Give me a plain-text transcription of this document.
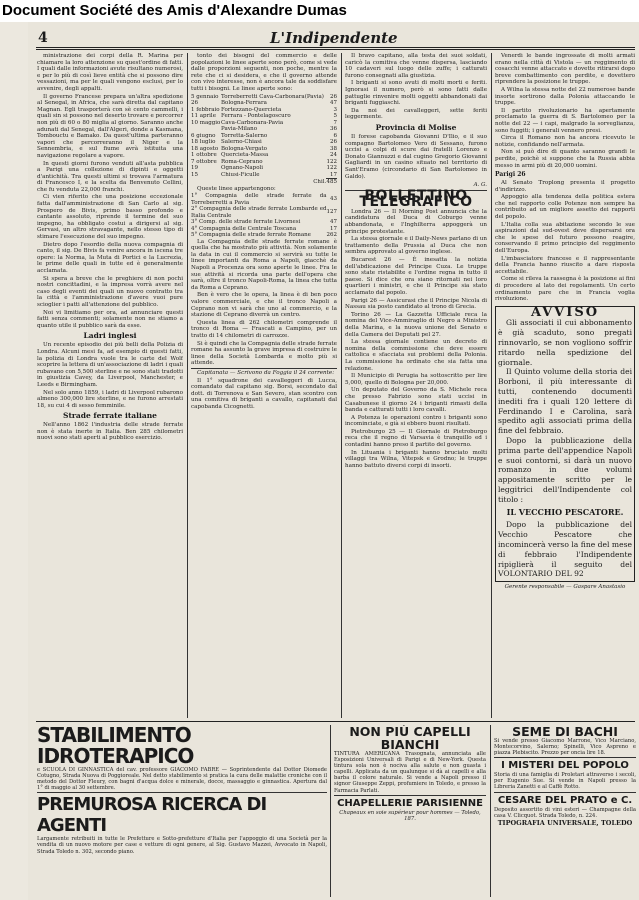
Document Société des Amis d'Alexandre Dumas
4	L'Indipendente

ministrazione dei corpi della R. Marina per chiamare la loro attenzione su quest'ordine di fatti. I quali dalle informazioni avute risultano numerosi, e per lo più di così lieve entità che si possono dire vessazioni, ma per le quali vengono esclusi, per lo avvenire, degli appalti.

Il governo Francese prepara un'altra spedizione al Senegal, in Africa, che sarà diretta dal capitano Magnan. Egli trasporterà con sè cento cammelli, i quali sin si possono nel deserto trovare e percorrer non più di 60 o 80 miglia al giorno. Saranno anche adunati dal Senegal, dall'Algeri, donde a Kasmana, Tombouctu e Bamako. Da quest'ultima parteranno vapori che percorreranno il Niger e la Sennembria, e sul fiume avrà istituita una navigazione regolare a vapore.

In questi giorni furono venduti all'asta pubblica a Parigi una collezione di dipinti e oggetti d'antichità. Tra questi ultimi si trovava l'armatura di Francesco I, e la scelta da Benvenuto Cellini, che fu venduta 22,000 franchi.

Ci vien riferito che una posizione eccezionale fatta dall'amministrazione di San Carlo al sig. Prospero de Bivis, primo basso profondo e cantante assoluto, riprende il termine del suo impegno, ha obbligato costui a dirigersi al sig. Gervasi, un altro stravagante, nello stesso tipo di stimare l'esecuzione del suo impegno.

Dietro dopo l'esordio della nuova compagnia di canto, il sig. De Bivis fa venire ancora in iscena tre opere: la Norma, la Muta di Portici e la Lucrezia, le prime delle quali in tutte ed è generalmente acclamata.

Si spera a breve che le preghiere di non pochi nostri concittadini, e la impresa vorrà avere nel caso degli eventi dei quali un nuovo contratto tra la città e l'amministrazione d'avere vuoi pure scioglier i patti all'attenzione del pubblico.

Noi vi limitiamo per ora, ad annunciare questi fatti senza commenti; solamente non ne stiamo a quanto utile il pubblico sarà da esse.

Ladri inglesi

Un recente episodio dei più belli della Polizia di Londra. Alcuni mesi fa, ad esempio di questi fatti, la polizia di Londra vuole tra le carte del Wolf scoprire la lettera di un'associazione di ladri i quali rubavano con 5,500 sterline e ne sono stati tradotti in giustizia Cavey, da Liverpool, Manchester, e Leeds e Birmingham.

Nel solo anno 1859, i ladri di Liverpool rubarono almeno 300,000 lire sterline, e ne furono arrestati 18, su cui 4 di sesso femminile.

Strade ferrate italiane

Nell'anno 1862 l'industria delle strade ferrate non è stata inerte in Italia. Ben 285 chilometri nuovi sono stati aperti al pubblico esercizio.

tonto dei bisogni del commercio e delle popolazioni le linee aperte sono però, come si vede dalle proporzioni seguenti, non poche, mentre la rete che ci si desidera, e che il governo attende con vivo interesse, non è ancora tale da soddisfare tutti i bisogni. Le linee aperte sono:

5 gennaio	Torreberretti Cava-Carbonara(Pavia)	26
26	Bologna-Ferrara	47
1 febbraio	Fortezzano-Quercieta	3
11 aprile	Ferrara - Pontelagoscuro	5
10 maggio	Cava-Carbonara-Pavia	7
	Pavia-Milano	36
6 giugno	Torretta-Salerno	6
18 luglio	Salerno-Chiasi	26
18 agosto	Bologna-Vergato	38
1 ottobre	Quercieta-Massa	24
7 ottobre	Roma-Ceprano	122
19	Ognano-Napoli	122
15	Chiusi-Ficulle	17
	Chil.	485

Queste linee appartengono:

1° Compagnia delle strade ferrate da Torreberretti a Pavia	43
2° Compagnia delle strade ferrate Lombarde ed Italia Centrale	127
3° Comp. delle strade ferrate Livornesi	47
4° Compagnia delle Centrale Toscana	17
5° Compagnia delle strade ferrate Romane	262

La Compagnia delle strade ferrate romane è quella che ha mostrato più attività. Non solamente la data in cui il commercio si servirà su tutte le linee importanti da Roma a Napoli, giacchè da Napoli a Procenza ora sono aperte le linee. Fra le sue attività si ricorda una parte dell'opera che sarà, oltre il tronco Napoli-Roma, la linea che tutta da Roma a Ceprano.

Ben è vero che le opera, la linea è di ben poco valore commerciale, e che il tronco Napoli a Ceprano non vi sarà che uno al commercio, e la stazione di Ceprano diverrà un centro.

Questa linea di 262 chilometri comprende il tronco di Roma — Frascati a Campino, per un tratto di 14 chilometri di carrozze.

Si è quindi che la Compagnia delle strade ferrate romane ha assunto la grave impresa di costruire le linee della Società Lombarda e molto più si attende.

Capitanata — Scrivono da Foggia il 24 corrente:

Il 1° squadrone dei cavalleggeri di Lucca, comandato dal capitano sig. Borsi, secondato dal dott. di Torrenova e San Severo, stan scontro con una comitiva di briganti a cavallo, capitanati dal capobanda Cicognetti.

Il bravo capitano, alla testa dei suoi soldati, caricò la comitiva che venne dispersa, lasciando 10 cadaveri sul luogo delle zuffe; i catturati furono consegnati alla giustizia.

I briganti si sono avuti di molti morti e feriti. Ignorasi il numero, però si sono fatti dalle pattuglie rinvenire molti oggetti abbandonati dai briganti fuggiaschi.

Da noi dei cavalleggeri, sette feriti leggermente.

Provincia di Molise

Il forese capobanda Giovanni D'Ilio, e il suo compagno Bartolomeo Vero di Sessano, furono uccisi a colpi di scure dai fratelli Lorenzo e Donato Giannuzzi e dal cugino Gregorio Giovanni Gagliardi in un casino situato nel territorio di Sant'Eramo (circondario di San Bartolomeo in Galdo).

A. G.
BOLLETTINO TELEGRAFICO

Londra 26 — Il Morning Post annuncia che la candidatura del Duca di Coburgo venne abbandonata, e l'Inghilterra appoggerà un principe protestante.

La stessa giornale e il Daily-News parlano di un trattamento della Prussia al Duca che non sembra approvato al governo inglese.

Bucarest 26 — È inesatta la notizia dell'abdicazione del Principe Cuza. Le truppe sono state ristabilite e l'ordine regna in tutto il paese. Si dice che ora siano ritornati nei loro quartieri i ministri, e che il Principe sia stato acclamato dal popolo.

Parigi 26 — Assicurasi che il Principe Nicola di Nassau sia posto candidato al trono di Grecia.

Torino 26 — La Gazzetta Ufficiale reca la nomina del Vice-Ammiraglio di Negro a Ministro della Marina, e la nuova unione del Senato e della Camera dei Deputati pel 27.

La stessa giornale contiene un decreto di nomina della commissione che deve essere cattolica e sfacciata sui problemi della Polonia. La commissione ha ordinato che sia fatta una relazione.

Il Municipio di Perugia ha sottoscritto per lire 5,000, quello di Bologna per 20,000.

Un deputato del Governo da S. Michele reca che presso Fabrizio sono stati uccisi in Casabunese il giorno 24 i briganti rimasti della banda e catturati tutti i loro cavalli.

A Potenza le operazioni contro i briganti sono incominciate, e già si ebbero buoni risultati.

Pietroburgo 25 — Il Giornale di Pietroburgo reca che il regno di Varsavia è tranquillo ed i contadini hanno preso il partito del governo.

In Lituania i briganti hanno bruciato molti villaggi tra Wilna, Vitepsk e Grodno; le truppe hanno battuto diversi corpi di insorti.

Venerdì le bande ingrossate di molti armati erano nella città di Vistola — un reggimento di cosacchi venne attaccato e dovette ritirarsi dopo breve combattimento con perdite, e dovettero riprendere la posizione le truppe.

A Wilna la stessa notte del 22 numerose bande insorte sortirono dalla Polonia attaccando le truppe.

Il partito rivoluzionario ha apertamente proclamato la guerra di S. Bartolomeo per la notte del 22 — i capi, malgrado la sorveglianza, sono fuggiti; i generali vennero presi.

Circa il Romano non ha ancora ricevuto le notizie, confidando nell'armata.

Non si può dire di quanto saranno grandi le perdite, poichè si suppone che la Russia abbia messo in armi più di 20,000 uomini.

Parigi 26

Al Senato Troplong presenta il progetto d'indirizzo.

Appoggio alla tendenza della politica estera che nel rapporto colle Potenze non sempre ha contribuito ad un migliore assetto dei rapporti del popolo.

L'Italia colla sua abitazione secondo le sue aspirazioni dal sud-ovest deve dispersarsi ora che le spese del futuro possono reagire, conservando il primo principio del reggimento dell'Europa.

L'imbasciatore francese e il rappresentante della Francia hanno riuscito a dare risposta accettabile.

Come si rileva la rassegna è la posizione ai fini di procedere al lato dei regolamenti. Un certo ordinamento pare che in Francia voglia rivoluzione.

AVVISO

Gli associati il cui abbonamento è già scaduto, sono pregati rinnovarlo, se non vogliono soffrir ritardo nella spedizione del giornale.

Il Quinto volume della storia dei Borboni, il più interessante di tutti, contenendo documenti inediti fra i quali 120 lettere di Ferdinando I e Carolina, sarà spedito agli associati prima della fine del febbraio.

Dopo la pubblicazione della prima parte dell'appendice Napoli e suoi contorni, si darà un nuovo romanzo in due volumi appositamente scritto per le leggitrici dell'Indipendente col titolo :

IL VECCHIO PESCATORE.

Dopo la pubblicazione del Vecchio Pescatore che incomincerà verso la fine del mese di febbraio l'Indipendente ripiglierà il seguito del VOLONTARIO DEL 92

Gerente responsabile — Gaspare Anastasio
STABILIMENTO IDROTERAPICO
e SCUOLA DI GINNASTICA del cav. professore GIACOMO FABRE — Soprintendente dal Dottor Diomede Cotugno, Strada Nuova di Poggioreale. Nel detto stabilimento si pratica la cura delle malattie croniche con il metodo del Dottor Fleury, con bagni d'acqua dolce e minerale, docce, massaggio e ginnastica. Apertura dal 1° di maggio al 30 settembre.
PREMUROSA RICERCA DI AGENTI
Largamente retribuiti in tutte le Prefetture e Sotto-prefetture d'Italia per l'appoggio di una Società per la vendita di un nuovo motore per case e vetture di ogni genere, al Sig. Gustavo Mazzei, Avvocato in Napoli, Strada Toledo n. 302, secondo piano.
NON PIÙ CAPELLI BIANCHI
TINTURA AMERICANA Trasognata, annunciata alle Esposizioni Universali di Parigi e di New-York. Questa tintura sola non è nociva alla salute e non guasta i capelli. Applicata da un qualunque si dà ai capelli e alla barba il colore naturale. Si vende a Napoli presso il signor Giuseppe Zeppi, profumiere in Toledo, e presso la Farmacia Parlati.
CHAPELLERIE PARISIENNE
Chapeaux en soie supérieur pour hommes — Toledo, 187.
SEME DI BACHI
Si vende presso Giacomo Marrone, Vico Marciano, Montecorvino, Salerno; Spinelli, Vico Aspreno e piazza Plebiscito. Prezzo per oncia lire 18.
I MISTERI DEL POPOLO
Storia di una famiglia di Proletari attraverso i secoli, per Eugenio Sue. Si vende in Napoli presso la Libreria Zanetti e al Caffè Rotto.
CESARE DEL PRATO e C.
Deposito assortito di vini esteri — Champagne della casa V. Clicquot. Strada Toledo, n. 224.
TIPOGRAFIA UNIVERSALE, TOLEDO
